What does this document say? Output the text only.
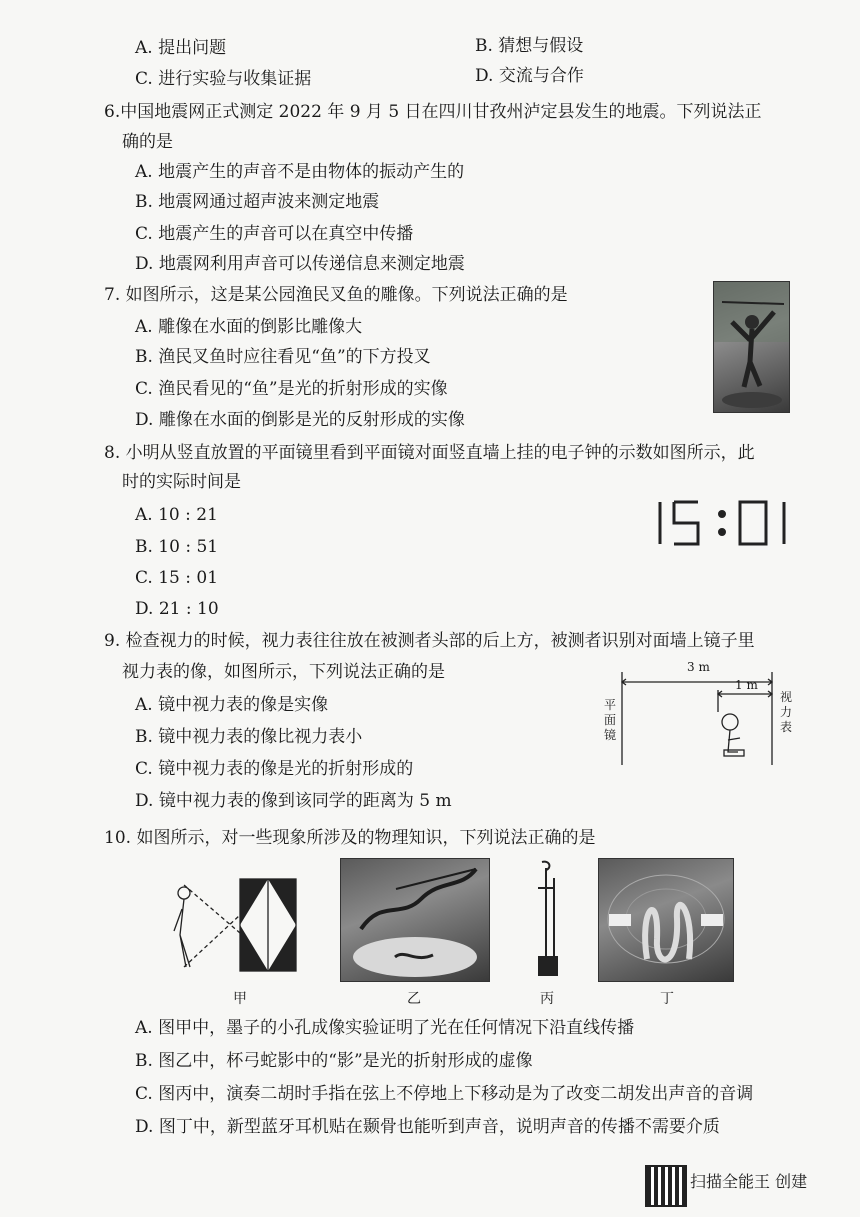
A. 提出问题	B. 猜想与假设
C. 进行实验与收集证据	D. 交流与合作
6.中国地震网正式测定 2022 年 9 月 5 日在四川甘孜州泸定县发生的地震。下列说法正
确的是
A. 地震产生的声音不是由物体的振动产生的
B. 地震网通过超声波来测定地震
C. 地震产生的声音可以在真空中传播
D. 地震网利用声音可以传递信息来测定地震
7. 如图所示，这是某公园渔民叉鱼的雕像。下列说法正确的是
A. 雕像在水面的倒影比雕像大
B. 渔民叉鱼时应往看见“鱼”的下方投叉
C. 渔民看见的“鱼”是光的折射形成的实像
D. 雕像在水面的倒影是光的反射形成的实像
8. 小明从竖直放置的平面镜里看到平面镜对面竖直墙上挂的电子钟的示数如图所示，此
时的实际时间是
A. 10 : 21
B. 10 : 51
C. 15 : 01
D. 21 : 10
9. 检查视力的时候，视力表往往放在被测者头部的后上方，被测者识别对面墙上镜子里
视力表的像，如图所示，下列说法正确的是
A. 镜中视力表的像是实像
B. 镜中视力表的像比视力表小
C. 镜中视力表的像是光的折射形成的
D. 镜中视力表的像到该同学的距离为 5 m
3 m
1 m
平面镜
视力表
10. 如图所示，对一些现象所涉及的物理知识，下列说法正确的是
甲	乙	丙	丁
A. 图甲中，墨子的小孔成像实验证明了光在任何情况下沿直线传播
B. 图乙中，杯弓蛇影中的“影”是光的折射形成的虚像
C. 图丙中，演奏二胡时手指在弦上不停地上下移动是为了改变二胡发出声音的音调
D. 图丁中，新型蓝牙耳机贴在颞骨也能听到声音，说明声音的传播不需要介质
扫描全能王 创建
